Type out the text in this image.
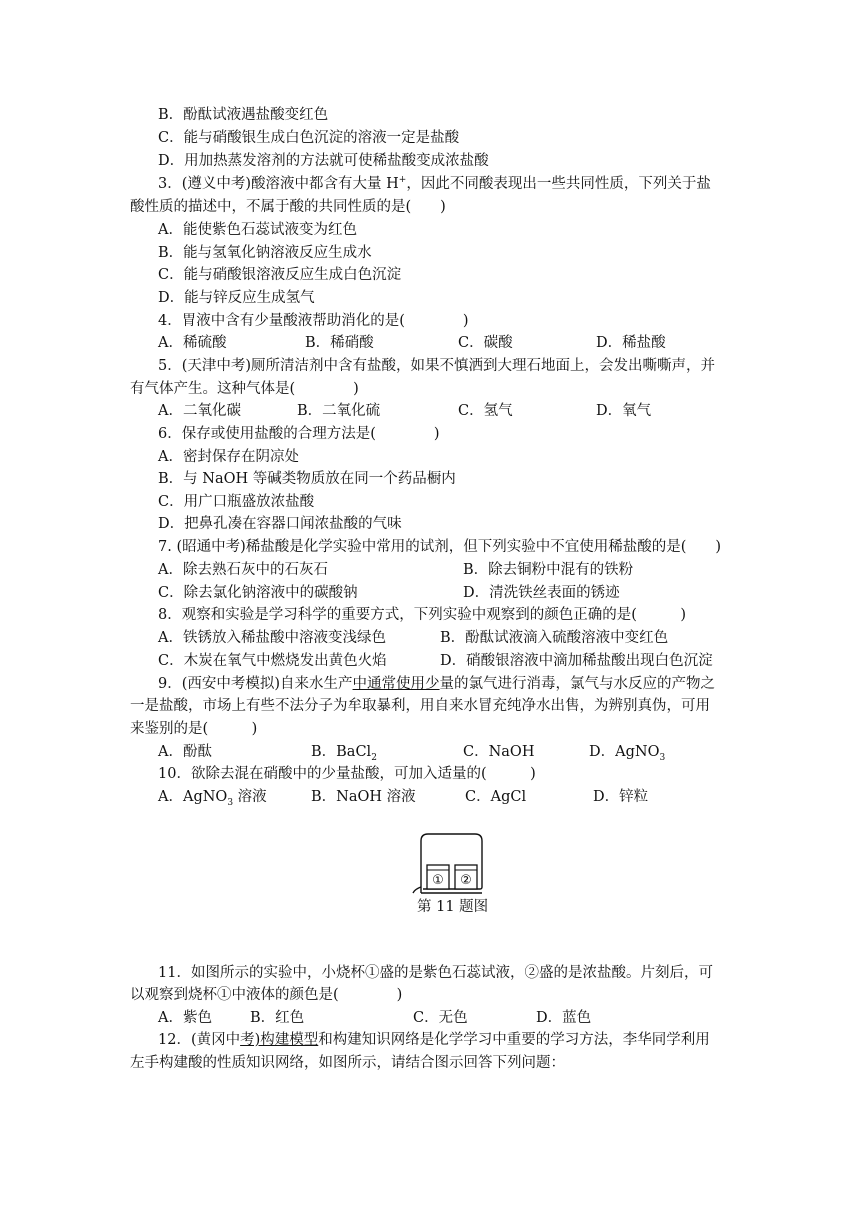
B．酚酞试液遇盐酸变红色
C．能与硝酸银生成白色沉淀的溶液一定是盐酸
D．用加热蒸发溶剂的方法就可使稀盐酸变成浓盐酸
3．(遵义中考)酸溶液中都含有大量 H+，因此不同酸表现出一些共同性质，下列关于盐
酸性质的描述中，不属于酸的共同性质的是(　　)
A．能使紫色石蕊试液变为红色
B．能与氢氧化钠溶液反应生成水
C．能与硝酸银溶液反应生成白色沉淀
D．能与锌反应生成氢气
4．胃液中含有少量酸液帮助消化的是(　　　　)
A．稀硫酸	B．稀硝酸	C．碳酸	D．稀盐酸
5．(天津中考)厕所清洁剂中含有盐酸，如果不慎洒到大理石地面上，会发出嘶嘶声，并
有气体产生。这种气体是(　　　　)
A．二氧化碳	B．二氧化硫	C．氢气	D．氧气
6．保存或使用盐酸的合理方法是(　　　　)
A．密封保存在阴凉处
B．与 NaOH 等碱类物质放在同一个药品橱内
C．用广口瓶盛放浓盐酸
D．把鼻孔凑在容器口闻浓盐酸的气味
7. (昭通中考)稀盐酸是化学实验中常用的试剂，但下列实验中不宜使用稀盐酸的是(　　)
A．除去熟石灰中的石灰石	B．除去铜粉中混有的铁粉
C．除去氯化钠溶液中的碳酸钠	D．清洗铁丝表面的锈迹
8．观察和实验是学习科学的重要方式，下列实验中观察到的颜色正确的是(　　　)
A．铁锈放入稀盐酸中溶液变浅绿色	B．酚酞试液滴入硫酸溶液中变红色
C．木炭在氧气中燃烧发出黄色火焰	D．硝酸银溶液中滴加稀盐酸出现白色沉淀
9．(西安中考模拟)自来水生产中通常使用少量的氯气进行消毒，氯气与水反应的产物之
一是盐酸，市场上有些不法分子为牟取暴利，用自来水冒充纯净水出售，为辨别真伪，可用
来鉴别的是(　　　)
A．酚酞	B．BaCl$_2$	C．NaOH	D．AgNO$_3$
10．欲除去混在硝酸中的少量盐酸，可加入适量的(　　　)
A．AgNO$_3$ 溶液	B．NaOH 溶液	C．AgCl	D．锌粒
① ②
第 11 题图
11．如图所示的实验中，小烧杯①盛的是紫色石蕊试液，②盛的是浓盐酸。片刻后，可
以观察到烧杯①中液体的颜色是(　　　　)
A．紫色	B．红色	C．无色	D．蓝色
12．(黄冈中考)构建模型和构建知识网络是化学学习中重要的学习方法，李华同学利用
左手构建酸的性质知识网络，如图所示，请结合图示回答下列问题：
